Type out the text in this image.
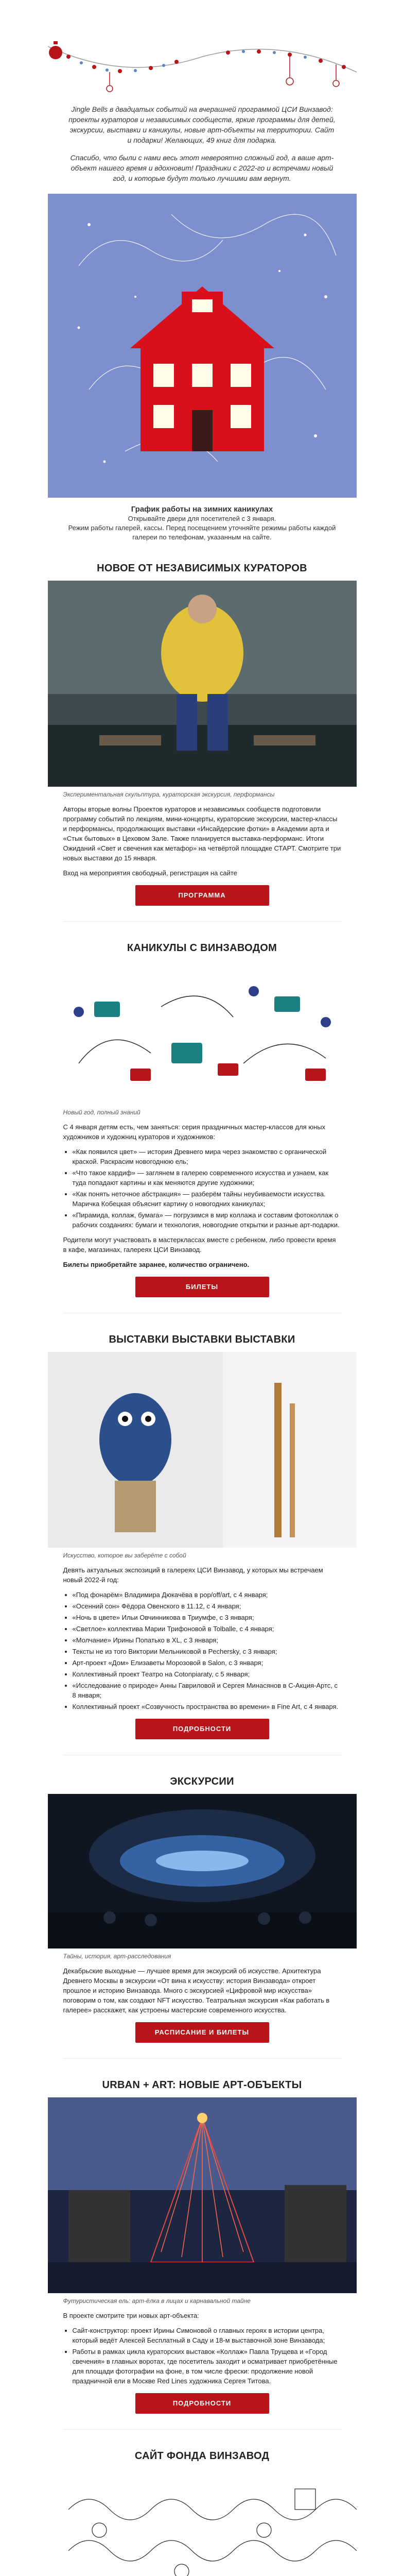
Jingle Bells в двадцатых событий на вчерашней программой ЦСИ Винзавод: проекты кураторов и независимых сообществ, яркие программы для детей, экскурсии, выставки и каникулы, новые арт-объекты на территории. Сайт и подарки! Желающих, 49 книг для подарка.

Спасибо, что были с нами весь этот невероятно сложный год, а ваше арт-объект нашего время и вдохновит! Праздники с 2022-го и встречами новый год, и которые будут только лучшими вам вернут.

График работы на зимних каникулах
Открывайте двери для посетителей с 3 января.
Режим работы галерей, кассы. Перед посещением уточняйте режимы работы каждой галереи по телефонам, указанным на сайте.
НОВОЕ ОТ НЕЗАВИСИМЫХ КУРАТОРОВ
Экспериментальная скульптура, кураторская экскурсия, перформансы

Авторы вторые волны Проектов кураторов и независимых сообществ подготовили программу событий по лекциям, мини-концерты, кураторские экскурсии, мастер-классы и перформансы, продолжающих выставки «Инсайдерские фотки» в Академии арта и «Стык бытовых» в Цеховом Зале. Также планируется выставка-перформанс. Итоги Ожиданий «Свет и свечения как метафор» на четвёртой площадке СТАРТ. Смотрите три новых выставки до 15 января.

Вход на мероприятия свободный, регистрация на сайте

ПРОГРАММА
КАНИКУЛЫ С ВИНЗАВОДОМ
Новый год, полный знаний

С 4 января детям есть, чем заняться: серия праздничных мастер-классов для юных художников и художниц кураторов и художников:

• «Как появился цвет» — история Древнего мира через знакомство с органической краской. Раскрасим новогоднюю ель;
• «Что такое кардиф» — заглянем в галерею современного искусства и узнаем, как туда попадают картины и как меняются другие художники;
• «Как понять неточное абстракция» — разберём тайны неубиваемости искусства. Маричка Кобецкая объяснит картину о новогодних каникулах;
• «Пирамида, коллаж, бумага» — погрузимся в мир коллажа и составим фотоколлаж о рабочих созданиях: бумаги и технология, новогодние открытки и разные арт-подарки.

Родители могут участвовать в мастерклассах вместе с ребенком, либо провести время в кафе, магазинах, галереях ЦСИ Винзавод.

Билеты приобретайте заранее, количество ограничено.

БИЛЕТЫ
ВЫСТАВКИ ВЫСТАВКИ ВЫСТАВКИ
Искусство, которое вы заберёте с собой

Девять актуальных экспозиций в галереях ЦСИ Винзавод, у которых мы встречаем новый 2022-й год:

• «Под фонарём» Владимира Дюкачёва в pop/off/art, с 4 января;
• «Осенний сон» Фёдора Овенского в 11.12, с 4 января;
• «Ночь в цвете» Ильи Овчинникова в Триумфе, с 3 января;
• «Светлое» коллектива Марии Трифоновой в Tolballe, с 4 января;
• «Молчание» Ирины Попатько в XL, с 3 января;
• Тексты не из того Виктории Мельниковой в Pechersky, с 3 января;
• Арт-проект «Дом» Елизаветы Морозовой в Salon, с 3 января;
• Коллективный проект Театро на Cotonpiaraty, с 5 января;
• «Исследование о природе» Анны Гавриловой и Сергея Минасянов в С-Акция-Артс, с 8 января;
• Коллективный проект «Созвучность пространства во времени» в Fine Art, с 4 января.
ПОДРОБНОСТИ
ЭКСКУРСИИ
Тайны, история, арт-расследования

Декабрьские выходные — лучшее время для экскурсий об искусстве. Архитектура Древнего Москвы в экскурсии «От вина к искусству: история Винзавода» откроет прошлое и историю Винзавода. Много с экскурсией «Цифровой мир искусства» поговорим о том, как создают NFT искусство. Театральная экскурсия «Как работать в галерее» расскажет, как устроены мастерские современного искусства.

РАСПИСАНИЕ И БИЛЕТЫ
URBAN + ART: НОВЫЕ АРТ-ОБЪЕКТЫ
Футуристическая ель: арт-ёлка в лицах и карнавальной тайне

В проекте смотрите три новых арт-объекта:

• Сайт-конструктор: проект Ирины Симоновой о главных героях в истории центра, который ведёт Алексей Бесплатный в Саду и 18-м выставочной зоне Винзавода;
• Работы в рамках цикла кураторских выставок «Коллаж» Павла Трущева и «Город свечения» в главных воротах, где посетитель заходит и осматривает приобретённые для площади фотографии на фоне, в том числе фрески: продолжение новой праздничной ели в Москве Red Lines художника Сергея Титова.
ПОДРОБНОСТИ
САЙТ ФОНДА ВИНЗАВОД
